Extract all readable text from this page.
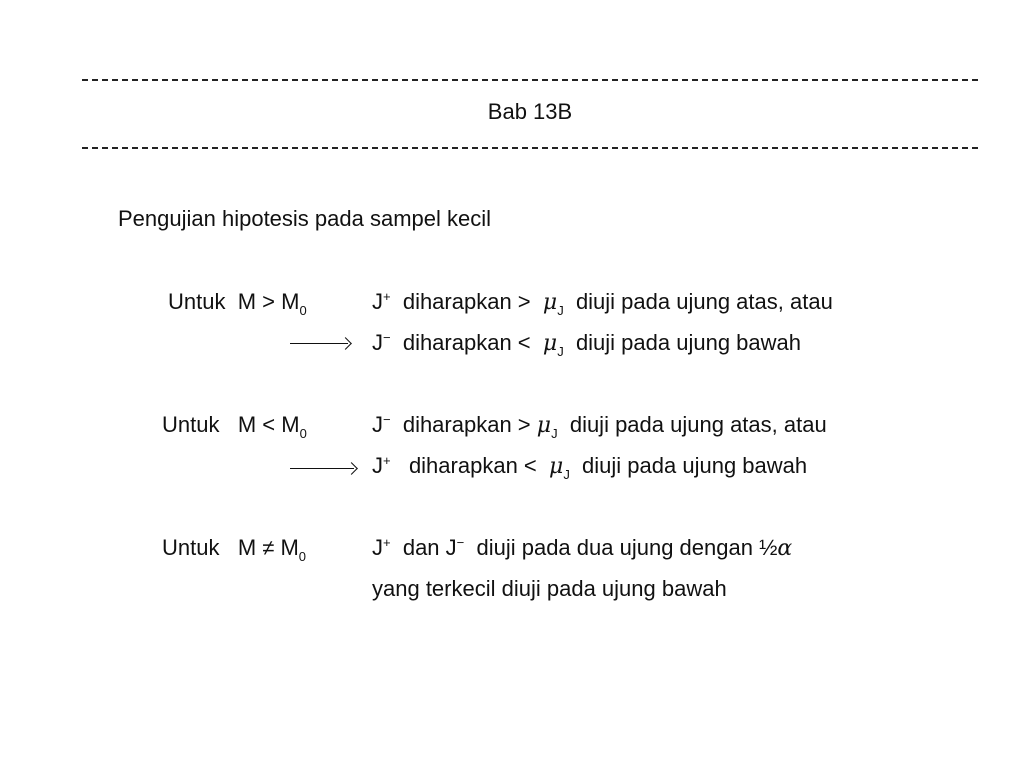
Bab 13B
Pengujian hipotesis pada sampel kecil
Untuk $M > M_0$	J+ diharapkan > $\mu_J$ diuji pada ujung atas, atau
J− diharapkan < $\mu_J$ diuji pada ujung bawah
Untuk $M < M_0$	J− diharapkan > $\mu_J$ diuji pada ujung atas, atau
J+ diharapkan < $\mu_J$ diuji pada ujung bawah
Untuk $M \ne M_0$	J+ dan J− diuji pada dua ujung dengan ½α
yang terkecil diuji pada ujung bawah
